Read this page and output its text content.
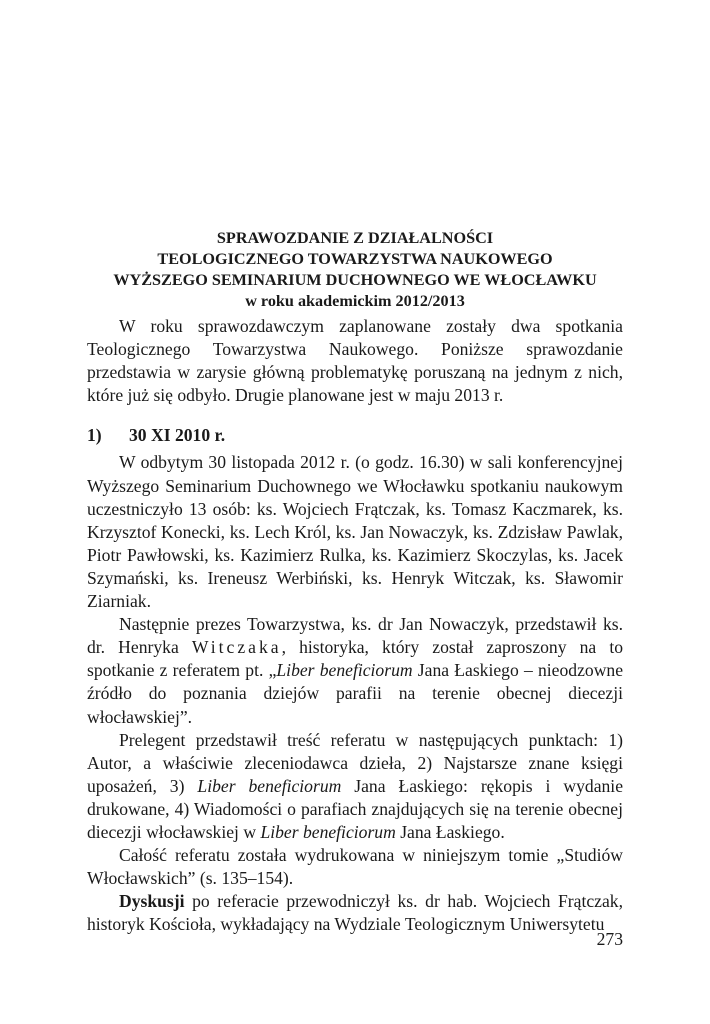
SPRAWOZDANIE Z DZIAŁALNOŚCI

TEOLOGICZNEGO TOWARZYSTWA NAUKOWEGO

WYŻSZEGO SEMINARIUM DUCHOWNEGO WE WŁOCŁAWKU

w roku akademickim 2012/2013

W roku sprawozdawczym zaplanowane zostały dwa spotkania Teologicznego Towarzystwa Naukowego. Poniższe sprawozdanie przedstawia w zarysie główną problematykę poruszaną na jednym z nich, które już się odbyło. Drugie planowane jest w maju 2013 r.

1) 30 XI 2010 r.

W odbytym 30 listopada 2012 r. (o godz. 16.30) w sali konferencyjnej Wyższego Seminarium Duchownego we Włocławku spotkaniu naukowym uczestniczyło 13 osób: ks. Wojciech Frątczak, ks. Tomasz Kaczmarek, ks. Krzysztof Konecki, ks. Lech Król, ks. Jan Nowaczyk, ks. Zdzisław Pawlak, Piotr Pawłowski, ks. Kazimierz Rulka, ks. Kazimierz Skoczylas, ks. Jacek Szymański, ks. Ireneusz Werbiński, ks. Henryk Witczak, ks. Sławomir Ziarniak.

Następnie prezes Towarzystwa, ks. dr Jan Nowaczyk, przedstawił ks. dr. Henryka Witczaka, historyka, który został zaproszony na to spotkanie z referatem pt. „Liber beneficiorum Jana Łaskiego – nieodzowne źródło do poznania dziejów parafii na terenie obecnej diecezji włocławskiej”.

Prelegent przedstawił treść referatu w następujących punktach: 1) Autor, a właściwie zleceniodawca dzieła, 2) Najstarsze znane księgi uposażeń, 3) Liber beneficiorum Jana Łaskiego: rękopis i wydanie drukowane, 4) Wiadomości o parafiach znajdujących się na terenie obecnej diecezji włocławskiej w Liber beneficiorum Jana Łaskiego.

Całość referatu została wydrukowana w niniejszym tomie „Studiów Włocławskich” (s. 135–154).

Dyskusji po referacie przewodniczył ks. dr hab. Wojciech Frątczak, historyk Kościoła, wykładający na Wydziale Teologicznym Uniwersytetu

273
